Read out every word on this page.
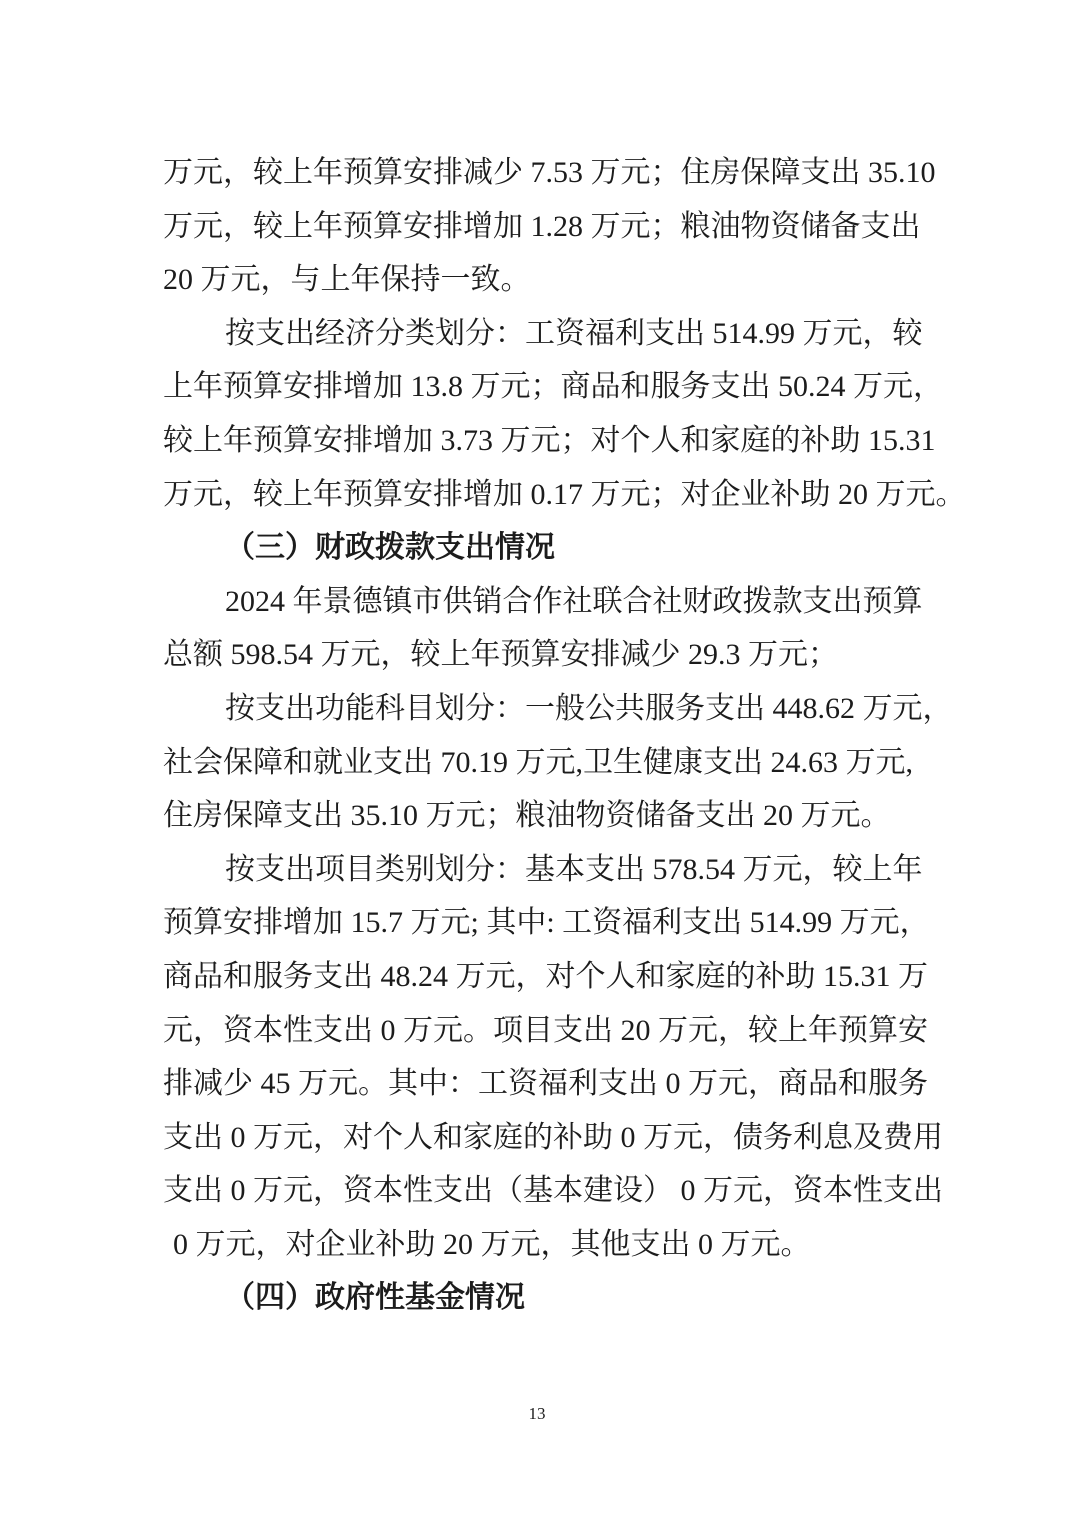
万元，较上年预算安排减少 7.53 万元；住房保障支出 35.10
万元，较上年预算安排增加 1.28 万元；粮油物资储备支出
20 万元，与上年保持一致。
按支出经济分类划分：工资福利支出 514.99 万元，较
上年预算安排增加 13.8 万元；商品和服务支出 50.24 万元，
较上年预算安排增加 3.73 万元；对个人和家庭的补助 15.31
万元，较上年预算安排增加 0.17 万元；对企业补助 20 万元。
（三）财政拨款支出情况
2024 年景德镇市供销合作社联合社财政拨款支出预算
总额 598.54 万元，较上年预算安排减少 29.3 万元；
按支出功能科目划分：一般公共服务支出 448.62 万元，
社会保障和就业支出 70.19 万元,卫生健康支出 24.63 万元,
住房保障支出 35.10 万元；粮油物资储备支出 20 万元。
按支出项目类别划分：基本支出 578.54 万元，较上年
预算安排增加 15.7 万元; 其中: 工资福利支出 514.99 万元，
商品和服务支出 48.24 万元，对个人和家庭的补助 15.31 万
元，资本性支出 0 万元。项目支出 20 万元，较上年预算安
排减少 45 万元。其中：工资福利支出 0 万元，商品和服务
支出 0 万元，对个人和家庭的补助 0 万元，债务利息及费用
支出 0 万元，资本性支出（基本建设） 0 万元，资本性支出
0 万元，对企业补助 20 万元，其他支出 0 万元。
（四）政府性基金情况
13
